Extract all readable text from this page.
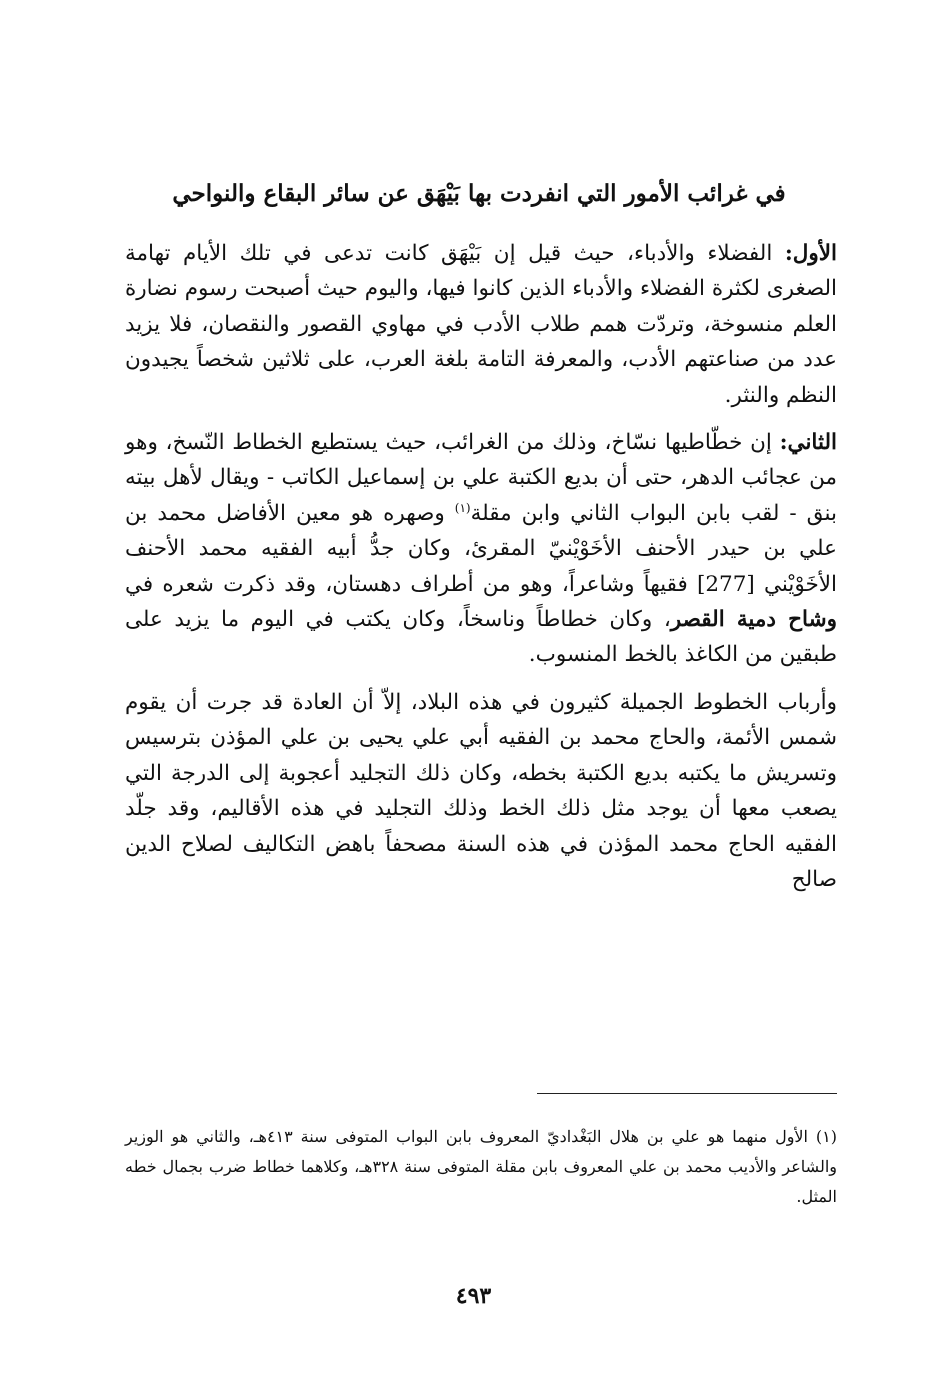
في غرائب الأمور التي انفردت بها بَيْهَق عن سائر البقاع والنواحي

الأول: الفضلاء والأدباء، حيث قيل إن بَيْهَق كانت تدعى في تلك الأيام تهامة الصغرى لكثرة الفضلاء والأدباء الذين كانوا فيها، واليوم حيث أصبحت رسوم نضارة العلم منسوخة، وتردّت همم طلاب الأدب في مهاوي القصور والنقصان، فلا يزيد عدد من صناعتهم الأدب، والمعرفة التامة بلغة العرب، على ثلاثين شخصاً يجيدون النظم والنثر.

الثاني: إن خطّاطيها نسّاخ، وذلك من الغرائب، حيث يستطيع الخطاط النّسخ، وهو من عجائب الدهر، حتى أن بديع الكتبة علي بن إسماعيل الكاتب - ويقال لأهل بيته بنق - لقب بابن البواب الثاني وابن مقلة$^{(١)}$ وصهره هو معين الأفاضل محمد بن علي بن حيدر الأحنف الأخَوْيْنيّ المقرئ، وكان جدُّ أبيه الفقيه محمد الأحنف الأخَوْيْني [277] فقيهاً وشاعراً، وهو من أطراف دهستان، وقد ذكرت شعره في وشاح دمية القصر، وكان خطاطاً وناسخاً، وكان يكتب في اليوم ما يزيد على طبقين من الكاغذ بالخط المنسوب.

وأرباب الخطوط الجميلة كثيرون في هذه البلاد، إلاّ أن العادة قد جرت أن يقوم شمس الأئمة، والحاج محمد بن الفقيه أبي علي يحيى بن علي المؤذن بترسيس وتسريش ما يكتبه بديع الكتبة بخطه، وكان ذلك التجليد أعجوبة إلى الدرجة التي يصعب معها أن يوجد مثل ذلك الخط وذلك التجليد في هذه الأقاليم، وقد جلّد الفقيه الحاج محمد المؤذن في هذه السنة مصحفاً باهض التكاليف لصلاح الدين صالح

(١) الأول منهما هو علي بن هلال البَغْداديّ المعروف بابن البواب المتوفى سنة ٤١٣هـ، والثاني هو الوزير والشاعر والأديب محمد بن علي المعروف بابن مقلة المتوفى سنة ٣٢٨هـ، وكلاهما خطاط ضرب بجمال خطه المثل.
٤٩٣
